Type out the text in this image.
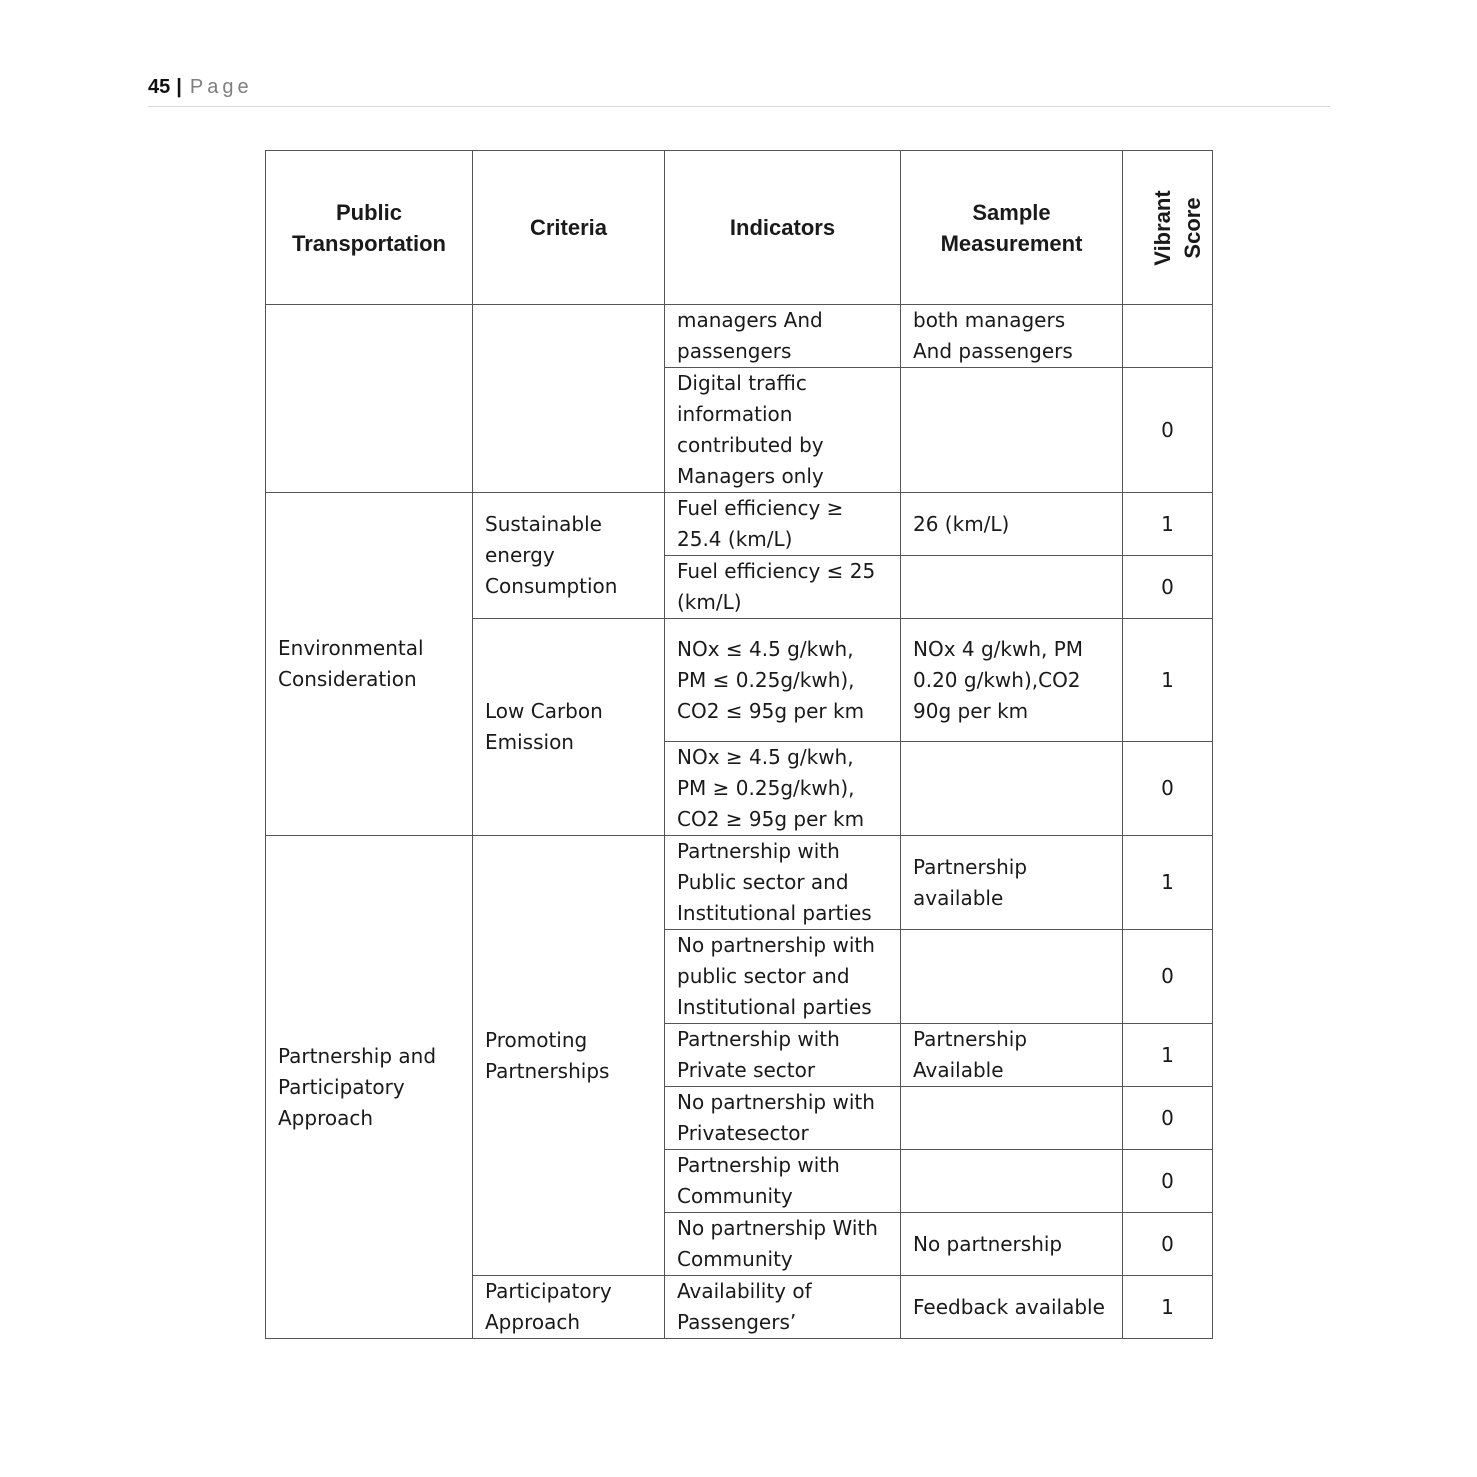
45 | Page
Public Transportation	Criteria	Indicators	Sample Measurement	Vibrant Score
		managers And passengers	both managers And passengers	
		Digital traffic information contributed by Managers only		0
Environmental Consideration	Sustainable energy Consumption	Fuel efficiency ≥ 25.4 (km/L)	26 (km/L)	1
		Fuel efficiency ≤ 25 (km/L)		0
	Low Carbon Emission	NOx ≤ 4.5 g/kwh, PM ≤ 0.25g/kwh), CO2 ≤ 95g per km	NOx 4 g/kwh, PM 0.20 g/kwh),CO2 90g per km	1
		NOx ≥ 4.5 g/kwh, PM ≥ 0.25g/kwh), CO2 ≥ 95g per km		0
Partnership and Participatory Approach	Promoting Partnerships	Partnership with Public sector and Institutional parties	Partnership available	1
		No partnership with public sector and Institutional parties		0
		Partnership with Private sector	Partnership Available	1
		No partnership with Privatesector		0
		Partnership with Community		0
		No partnership With Community	No partnership	0
	Participatory Approach	Availability of Passengers’	Feedback available	1
